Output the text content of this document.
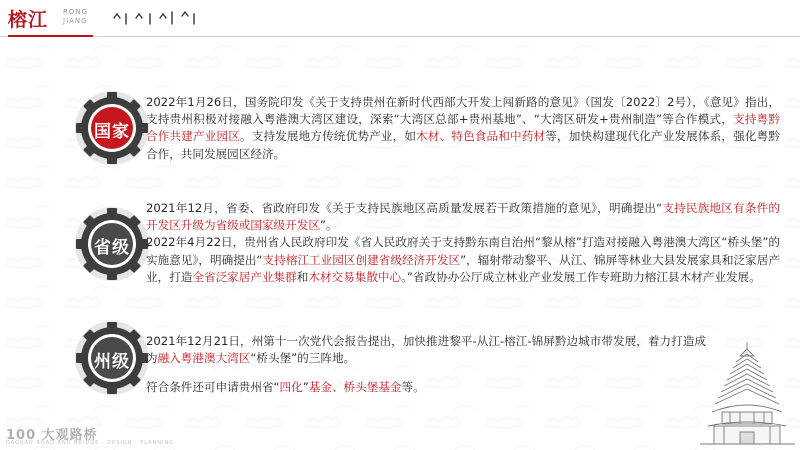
榕江 RONG
JIANG
国家

2022年1月26日，国务院印发《关于支持贵州在新时代西部大开发上闯新路的意见》（国发〔2022〕2号），《意见》指出，支持贵州积极对接融入粤港澳大湾区建设，深索“大湾区总部+贵州基地”、“大湾区研发+贵州制造”等合作模式，支持粤黔合作共建产业园区。支持发展地方传统优势产业，如木材、特色食品和中药材等，加快构建现代化产业发展体系，强化粤黔合作，共同发展园区经济。

省级

2021年12月，省委、省政府印发《关于支持民族地区高质量发展若干政策措施的意见》，明确提出“支持民族地区有条件的开发区升级为省级或国家级开发区”。

2022年4月22日，贵州省人民政府印发《省人民政府关于支持黔东南自治州“黎从榕”打造对接融入粤港澳大湾区“桥头堡”的实施意见》，明确提出“支持榕江工业园区创建省级经济开发区”，辐射带动黎平、从江、锦屏等林业大县发展家具和泛家居产业，打造全省泛家居产业集群和木材交易集散中心。”省政协办公厅成立林业产业发展工作专班助力榕江县木材产业发展。

州级

2021年12月21日，州第十一次党代会报告提出，加快推进黎平-从江-榕江-锦屏黔边城市带发展，着力打造成为融入粤港澳大湾区“桥头堡”的三阵地。

符合条件还可申请贵州省“四化”基金、桥头堡基金等。

100 大观路桥
DAGUAN ROAD AND BRIDGE · DESIGN · PLANNING
